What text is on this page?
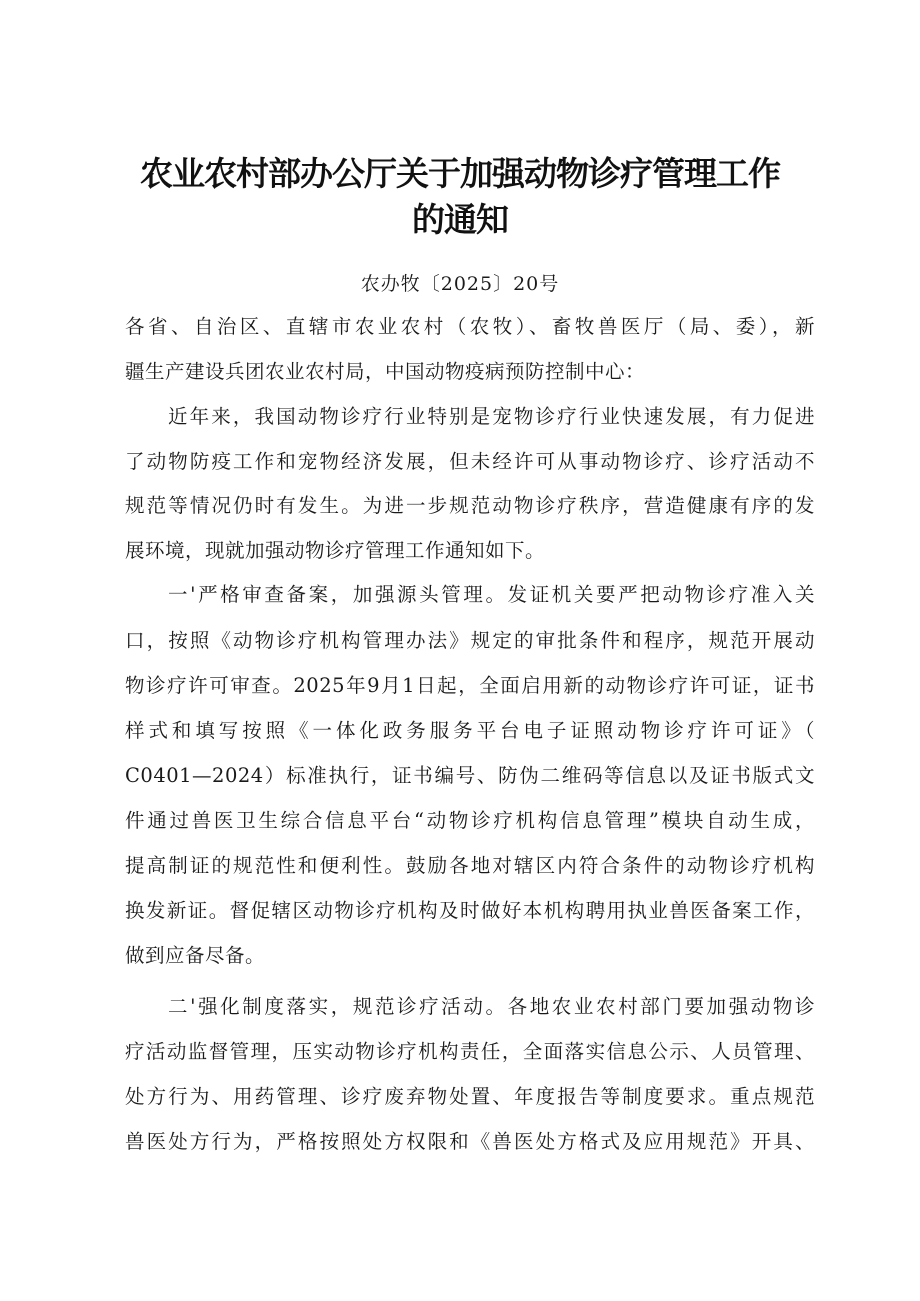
农业农村部办公厅关于加强动物诊疗管理工作
的通知
农办牧〔2025〕20号
各省、自治区、直辖市农业农村（农牧）、畜牧兽医厅（局、委），新
疆生产建设兵团农业农村局，中国动物疫病预防控制中心：
近年来，我国动物诊疗行业特别是宠物诊疗行业快速发展，有力促进
了动物防疫工作和宠物经济发展，但未经许可从事动物诊疗、诊疗活动不
规范等情况仍时有发生。为进一步规范动物诊疗秩序，营造健康有序的发
展环境，现就加强动物诊疗管理工作通知如下。
一'严格审查备案，加强源头管理。发证机关要严把动物诊疗准入关
口，按照《动物诊疗机构管理办法》规定的审批条件和程序，规范开展动
物诊疗许可审查。2025年9月1日起，全面启用新的动物诊疗许可证，证书
样式和填写按照《一体化政务服务平台电子证照动物诊疗许可证》（
C0401—2024）标准执行，证书编号、防伪二维码等信息以及证书版式文
件通过兽医卫生综合信息平台“动物诊疗机构信息管理”模块自动生成，
提高制证的规范性和便利性。鼓励各地对辖区内符合条件的动物诊疗机构
换发新证。督促辖区动物诊疗机构及时做好本机构聘用执业兽医备案工作，
做到应备尽备。
二'强化制度落实，规范诊疗活动。各地农业农村部门要加强动物诊
疗活动监督管理，压实动物诊疗机构责任，全面落实信息公示、人员管理、
处方行为、用药管理、诊疗废弃物处置、年度报告等制度要求。重点规范
兽医处方行为，严格按照处方权限和《兽医处方格式及应用规范》开具、
